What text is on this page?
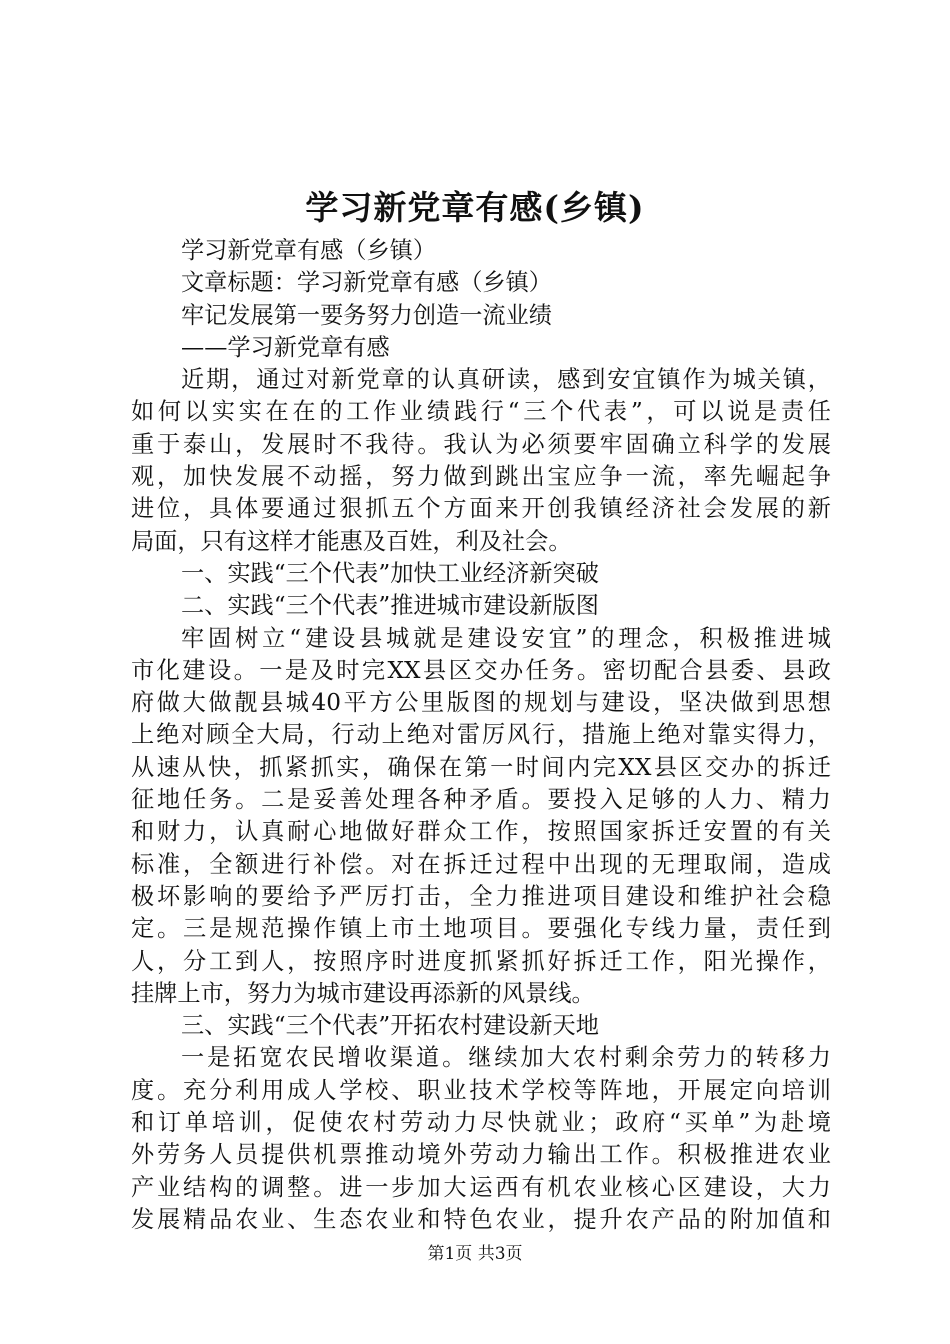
学习新党章有感(乡镇)
学习新党章有感（乡镇）
文章标题：学习新党章有感（乡镇）
牢记发展第一要务努力创造一流业绩
——学习新党章有感
近期，通过对新党章的认真研读，感到安宜镇作为城关镇，
如何以实实在在的工作业绩践行“三个代表”，可以说是责任
重于泰山，发展时不我待。我认为必须要牢固确立科学的发展
观，加快发展不动摇，努力做到跳出宝应争一流，率先崛起争
进位，具体要通过狠抓五个方面来开创我镇经济社会发展的新
局面，只有这样才能惠及百姓，利及社会。
一、实践“三个代表”加快工业经济新突破
二、实践“三个代表”推进城市建设新版图
牢固树立“建设县城就是建设安宜”的理念，积极推进城
市化建设。一是及时完XX县区交办任务。密切配合县委、县政
府做大做靓县城40平方公里版图的规划与建设，坚决做到思想
上绝对顾全大局，行动上绝对雷厉风行，措施上绝对靠实得力，
从速从快，抓紧抓实，确保在第一时间内完XX县区交办的拆迁
征地任务。二是妥善处理各种矛盾。要投入足够的人力、精力
和财力，认真耐心地做好群众工作，按照国家拆迁安置的有关
标准，全额进行补偿。对在拆迁过程中出现的无理取闹，造成
极坏影响的要给予严厉打击，全力推进项目建设和维护社会稳
定。三是规范操作镇上市土地项目。要强化专线力量，责任到
人，分工到人，按照序时进度抓紧抓好拆迁工作，阳光操作，
挂牌上市，努力为城市建设再添新的风景线。
三、实践“三个代表”开拓农村建设新天地
一是拓宽农民增收渠道。继续加大农村剩余劳力的转移力
度。充分利用成人学校、职业技术学校等阵地，开展定向培训
和订单培训，促使农村劳动力尽快就业；政府“买单”为赴境
外劳务人员提供机票推动境外劳动力输出工作。积极推进农业
产业结构的调整。进一步加大运西有机农业核心区建设，大力
发展精品农业、生态农业和特色农业，提升农产品的附加值和
第1页 共3页
